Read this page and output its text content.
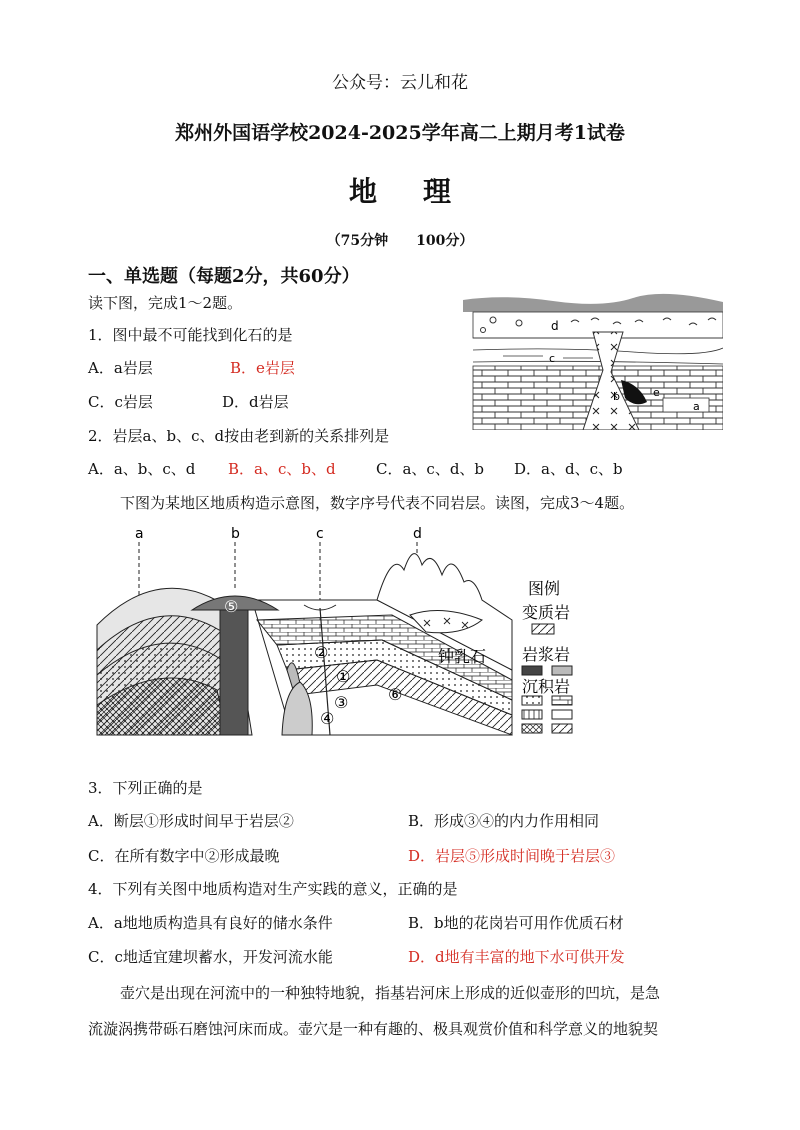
公众号：云儿和花
郑州外国语学校2024-2025学年高二上期月考1试卷
地理
（75分钟 100分）
一、单选题（每题2分，共60分）
读下图，完成1～2题。
1．图中最不可能找到化石的是
A．a岩层	B．e岩层
C．c岩层	D．d岩层
2．岩层a、b、c、d按由老到新的关系排列是
A．a、b、c、d B．a、c、b、d	C．a、c、d、b D．a、d、c、b
d
c
b	e
a
下图为某地区地质构造示意图，数字序号代表不同岩层。读图，完成3～4题。
a	b	c	d
钟乳石
⑤
②
①
③
④
⑥
图例
变质岩
岩浆岩
沉积岩
3．下列正确的是
A．断层①形成时间早于岩层②	B．形成③④的内力作用相同
C．在所有数字中②形成最晚	D．岩层⑤形成时间晚于岩层③
4．下列有关图中地质构造对生产实践的意义，正确的是
A．a地地质构造具有良好的储水条件	B．b地的花岗岩可用作优质石材
C．c地适宜建坝蓄水，开发河流水能	D．d地有丰富的地下水可供开发
壶穴是出现在河流中的一种独特地貌，指基岩河床上形成的近似壶形的凹坑，是急
流漩涡携带砾石磨蚀河床而成。壶穴是一种有趣的、极具观赏价值和科学意义的地貌契
